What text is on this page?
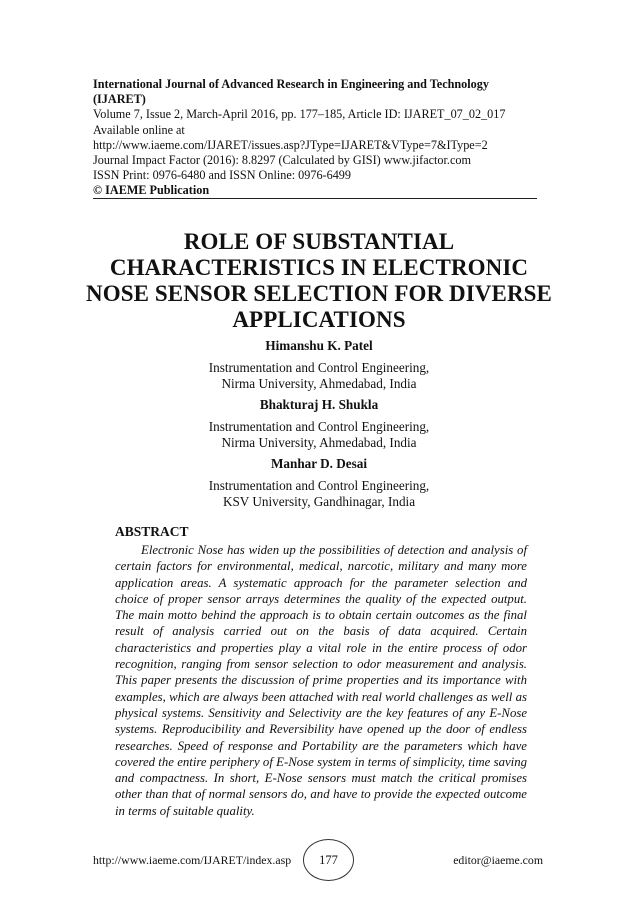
International Journal of Advanced Research in Engineering and Technology (IJARET)
Volume 7, Issue 2, March-April 2016, pp. 177–185, Article ID: IJARET_07_02_017
Available online at
http://www.iaeme.com/IJARET/issues.asp?JType=IJARET&VType=7&IType=2
Journal Impact Factor (2016): 8.8297 (Calculated by GISI) www.jifactor.com
ISSN Print: 0976-6480 and ISSN Online: 0976-6499
© IAEME Publication
ROLE OF SUBSTANTIAL CHARACTERISTICS IN ELECTRONIC NOSE SENSOR SELECTION FOR DIVERSE APPLICATIONS
Himanshu K. Patel
Instrumentation and Control Engineering,
Nirma University, Ahmedabad, India
Bhakturaj H. Shukla
Instrumentation and Control Engineering,
Nirma University, Ahmedabad, India
Manhar D. Desai
Instrumentation and Control Engineering,
KSV University, Gandhinagar, India
ABSTRACT
Electronic Nose has widen up the possibilities of detection and analysis of certain factors for environmental, medical, narcotic, military and many more application areas. A systematic approach for the parameter selection and choice of proper sensor arrays determines the quality of the expected output. The main motto behind the approach is to obtain certain outcomes as the final result of analysis carried out on the basis of data acquired. Certain characteristics and properties play a vital role in the entire process of odor recognition, ranging from sensor selection to odor measurement and analysis. This paper presents the discussion of prime properties and its importance with examples, which are always been attached with real world challenges as well as physical systems. Sensitivity and Selectivity are the key features of any E-Nose systems. Reproducibility and Reversibility have opened up the door of endless researches. Speed of response and Portability are the parameters which have covered the entire periphery of E-Nose system in terms of simplicity, time saving and compactness. In short, E-Nose sensors must match the critical promises other than that of normal sensors do, and have to provide the expected outcome in terms of suitable quality.
http://www.iaeme.com/IJARET/index.asp 177	editor@iaeme.com
